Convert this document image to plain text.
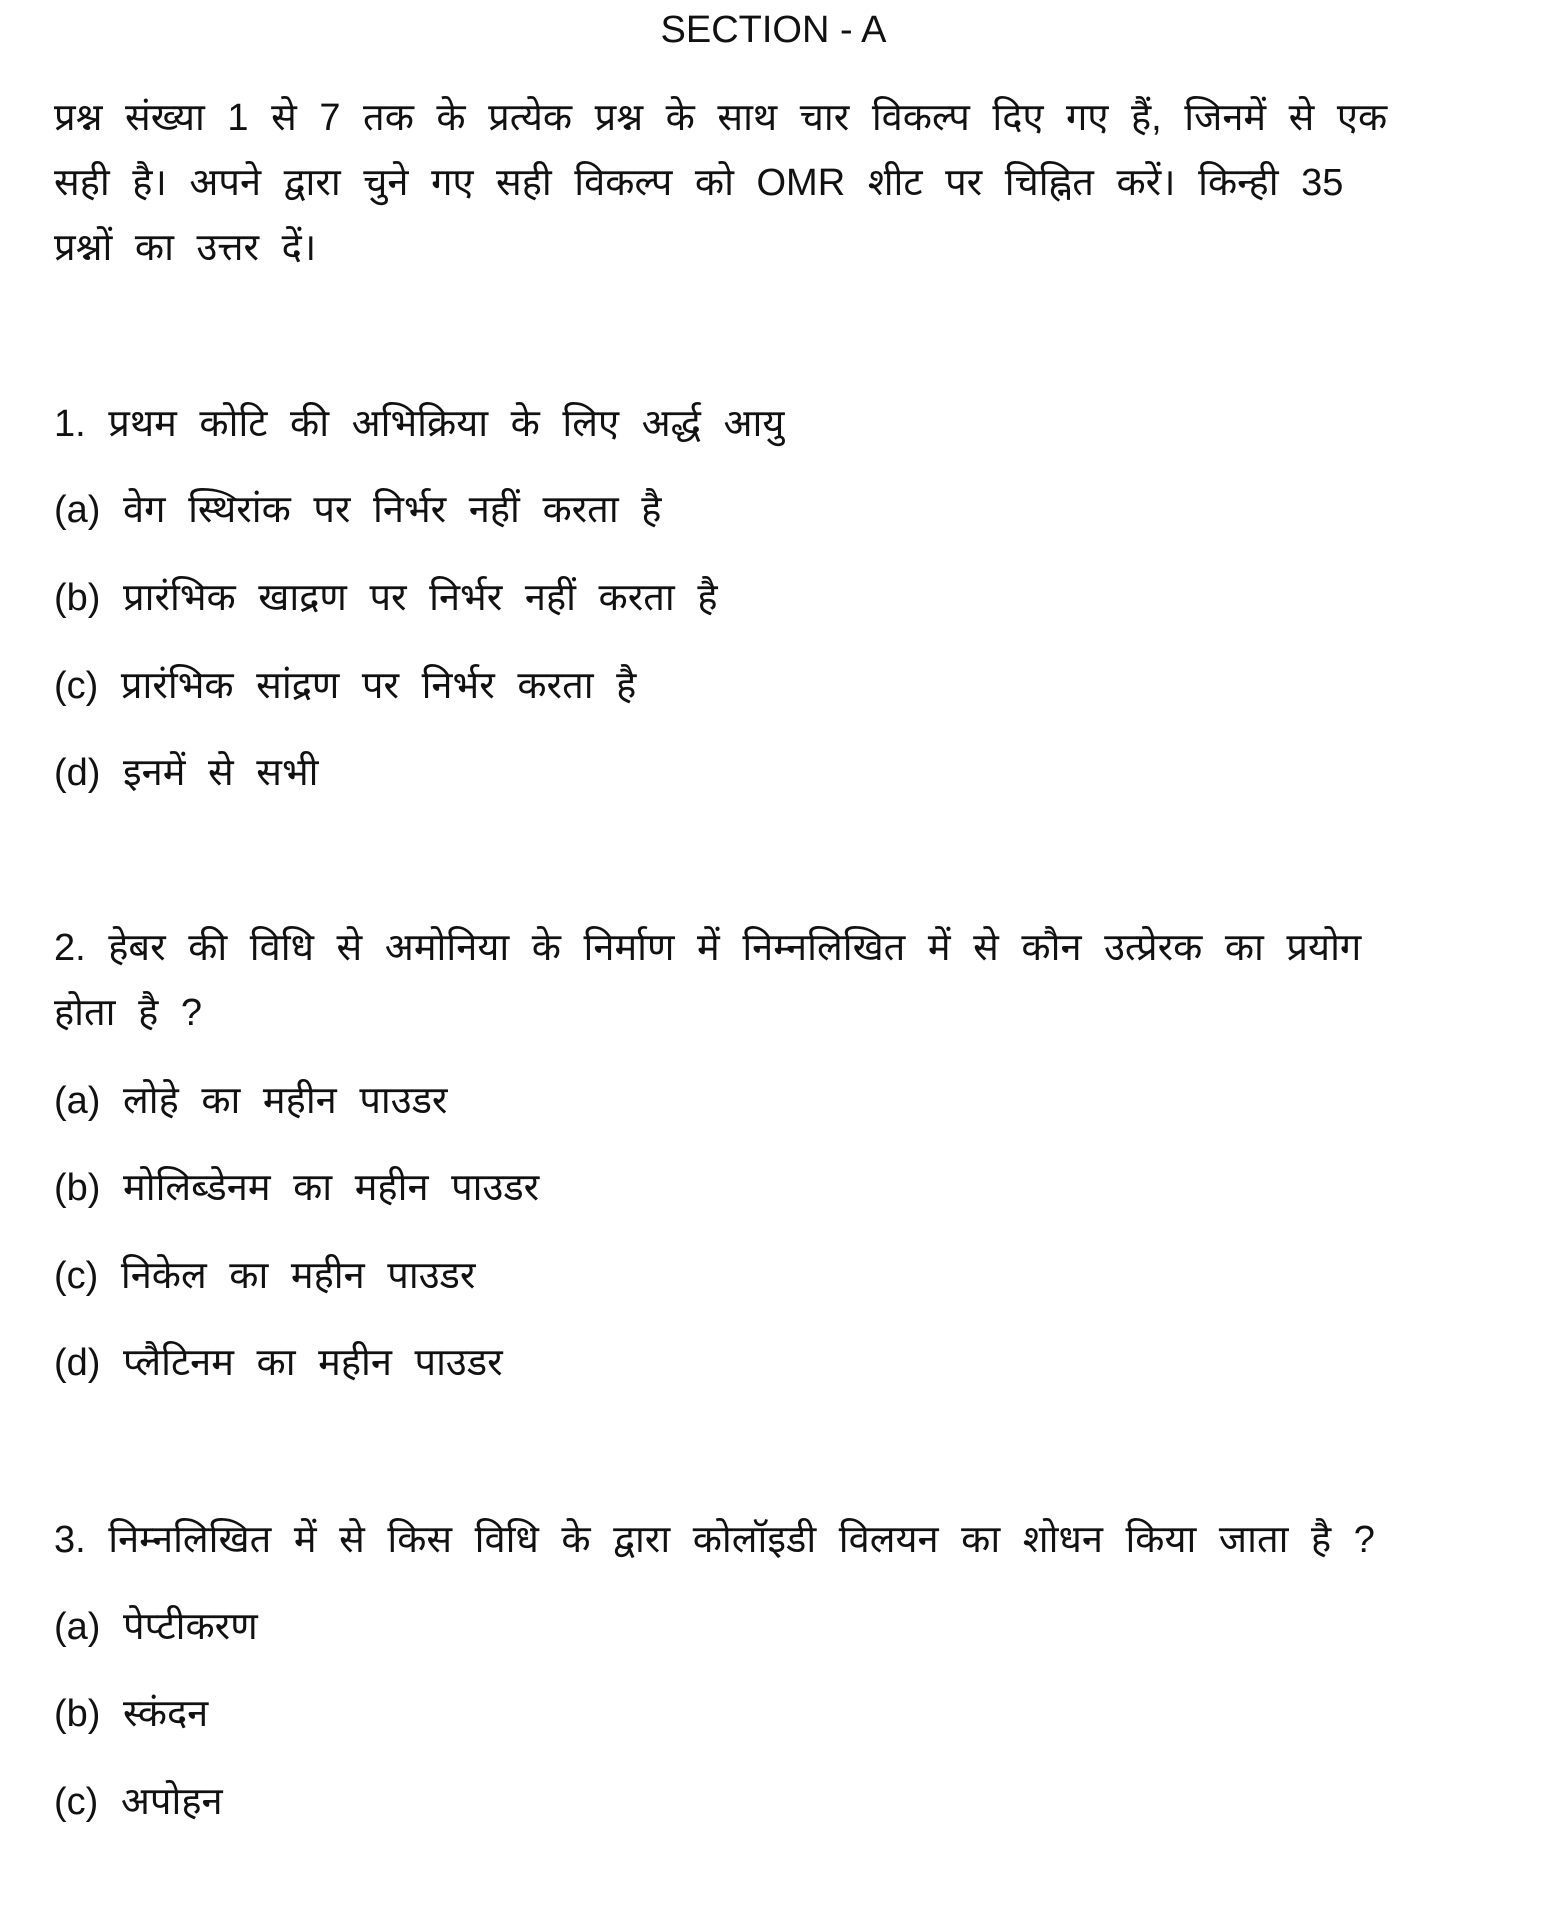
SECTION - A
प्रश्न संख्या 1 से 7 तक के प्रत्येक प्रश्न के साथ चार विकल्प दिए गए हैं, जिनमें से एक
सही है। अपने द्वारा चुने गए सही विकल्प को OMR शीट पर चिह्नित करें। किन्ही 35
प्रश्नों का उत्तर दें।
1. प्रथम कोटि की अभिक्रिया के लिए अर्द्ध आयु
(a) वेग स्थिरांक पर निर्भर नहीं करता है
(b) प्रारंभिक खाद्रण पर निर्भर नहीं करता है
(c) प्रारंभिक सांद्रण पर निर्भर करता है
(d) इनमें से सभी
2. हेबर की विधि से अमोनिया के निर्माण में निम्नलिखित में से कौन उत्प्रेरक का प्रयोग
होता है ?
(a) लोहे का महीन पाउडर
(b) मोलिब्डेनम का महीन पाउडर
(c) निकेल का महीन पाउडर
(d) प्लैटिनम का महीन पाउडर
3. निम्नलिखित में से किस विधि के द्वारा कोलॉइडी विलयन का शोधन किया जाता है ?
(a) पेप्टीकरण
(b) स्कंदन
(c) अपोहन
